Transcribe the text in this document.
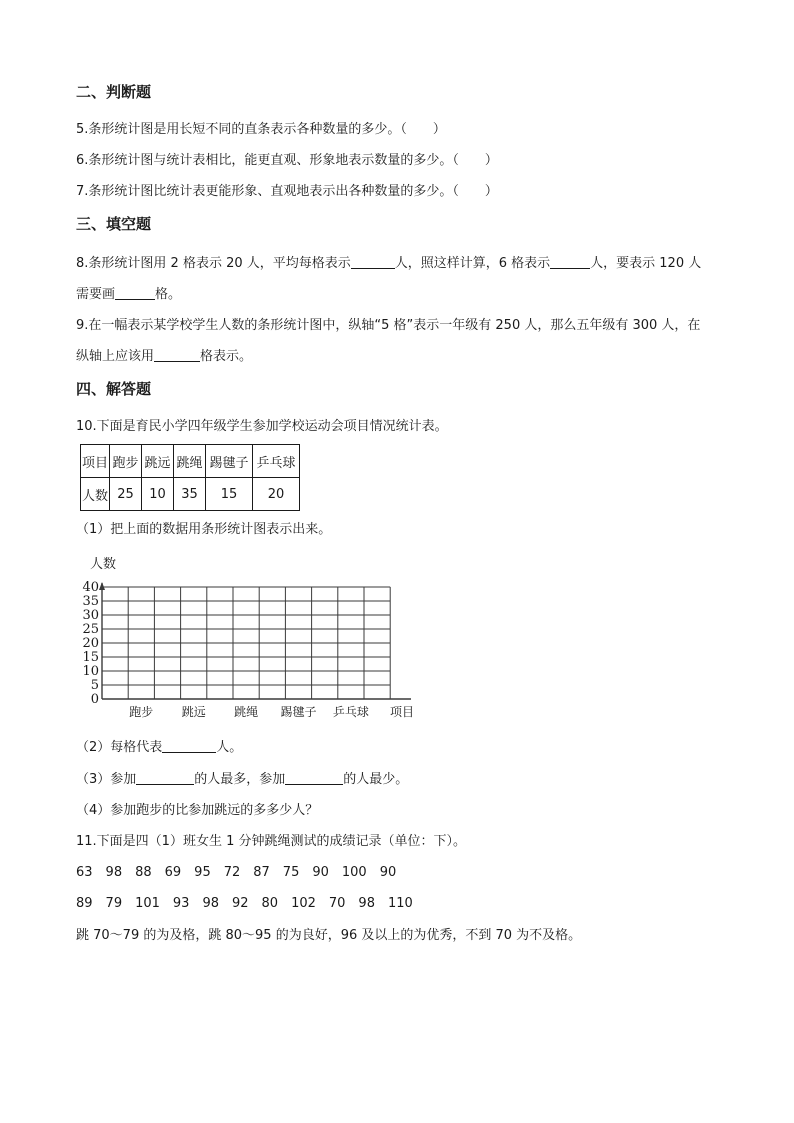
二、判断题
5.条形统计图是用长短不同的直条表示各种数量的多少。（　　）
6.条形统计图与统计表相比，能更直观、形象地表示数量的多少。（　　）
7.条形统计图比统计表更能形象、直观地表示出各种数量的多少。（　　）
三、填空题
8.条形统计图用 2 格表示 20 人，平均每格表示	人，照这样计算，6 格表示	人，要表示 120 人
需要画	格。
9.在一幅表示某学校学生人数的条形统计图中，纵轴“5 格”表示一年级有 250 人，那么五年级有 300 人，在
纵轴上应该用	格表示。
四、解答题
10.下面是育民小学四年级学生参加学校运动会项目情况统计表。
项目	跑步	跳远	跳绳	踢毽子	乒乓球
人数	25	10	35	15	20
（1）把上面的数据用条形统计图表示出来。
人数
0
5
10
15
20
25
30
35
40
跑步 跳远 跳绳 踢毽子 乒乓球 项目
（2）每格代表	人。
（3）参加	的人最多，参加	的人最少。
（4）参加跑步的比参加跳远的多多少人？
11.下面是四（1）班女生 1 分钟跳绳测试的成绩记录（单位：下）。
63　98　88　69　95　72　87　75　90　100　90
89　79　101　93　98　92　80　102　70　98　110
跳 70～79 的为及格，跳 80～95 的为良好，96 及以上的为优秀，不到 70 为不及格。
